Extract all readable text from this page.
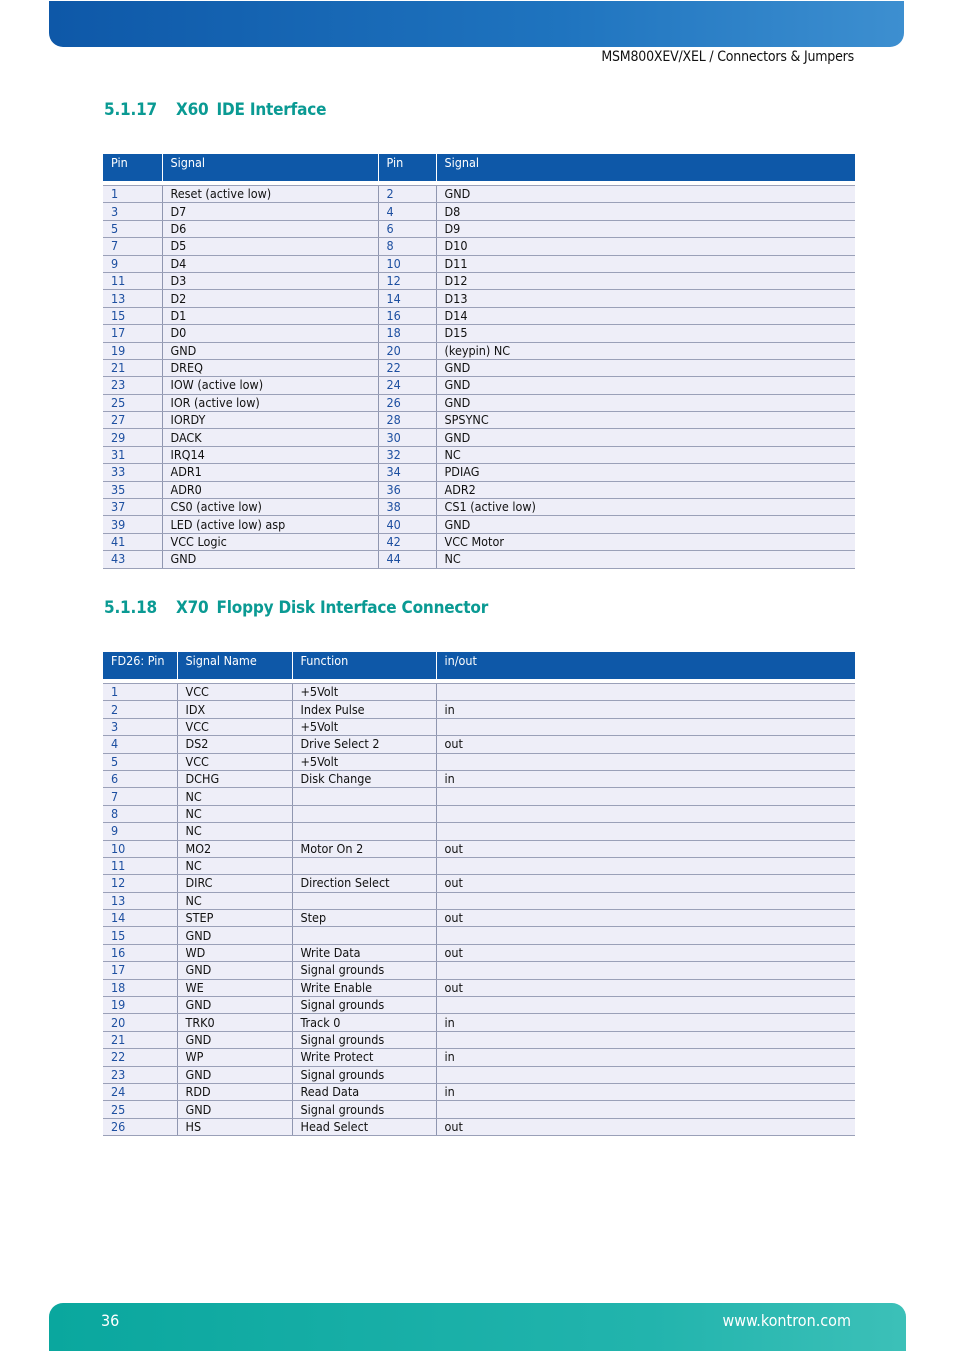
MSM800XEV/XEL / Connectors & Jumpers
5.1.17 X60 IDE Interface
Pin	Signal	Pin	Signal

1	Reset (active low)	2	GND
3	D7	4	D8
5	D6	6	D9
7	D5	8	D10
9	D4	10	D11
11	D3	12	D12
13	D2	14	D13
15	D1	16	D14
17	D0	18	D15
19	GND	20	(keypin) NC
21	DREQ	22	GND
23	IOW (active low)	24	GND
25	IOR (active low)	26	GND
27	IORDY	28	SPSYNC
29	DACK	30	GND
31	IRQ14	32	NC
33	ADR1	34	PDIAG
35	ADR0	36	ADR2
37	CS0 (active low)	38	CS1 (active low)
39	LED (active low) asp	40	GND
41	VCC Logic	42	VCC Motor
43	GND	44	NC
5.1.18 X70 Floppy Disk Interface Connector
FD26: Pin	Signal Name	Function	in/out

1	VCC	+5Volt	
2	IDX	Index Pulse	in
3	VCC	+5Volt	
4	DS2	Drive Select 2	out
5	VCC	+5Volt	
6	DCHG	Disk Change	in
7	NC		
8	NC		
9	NC		
10	MO2	Motor On 2	out
11	NC		
12	DIRC	Direction Select	out
13	NC		
14	STEP	Step	out
15	GND		
16	WD	Write Data	out
17	GND	Signal grounds	
18	WE	Write Enable	out
19	GND	Signal grounds	
20	TRK0	Track 0	in
21	GND	Signal grounds	
22	WP	Write Protect	in
23	GND	Signal grounds	
24	RDD	Read Data	in
25	GND	Signal grounds	
26	HS	Head Select	out
36	www.kontron.com
